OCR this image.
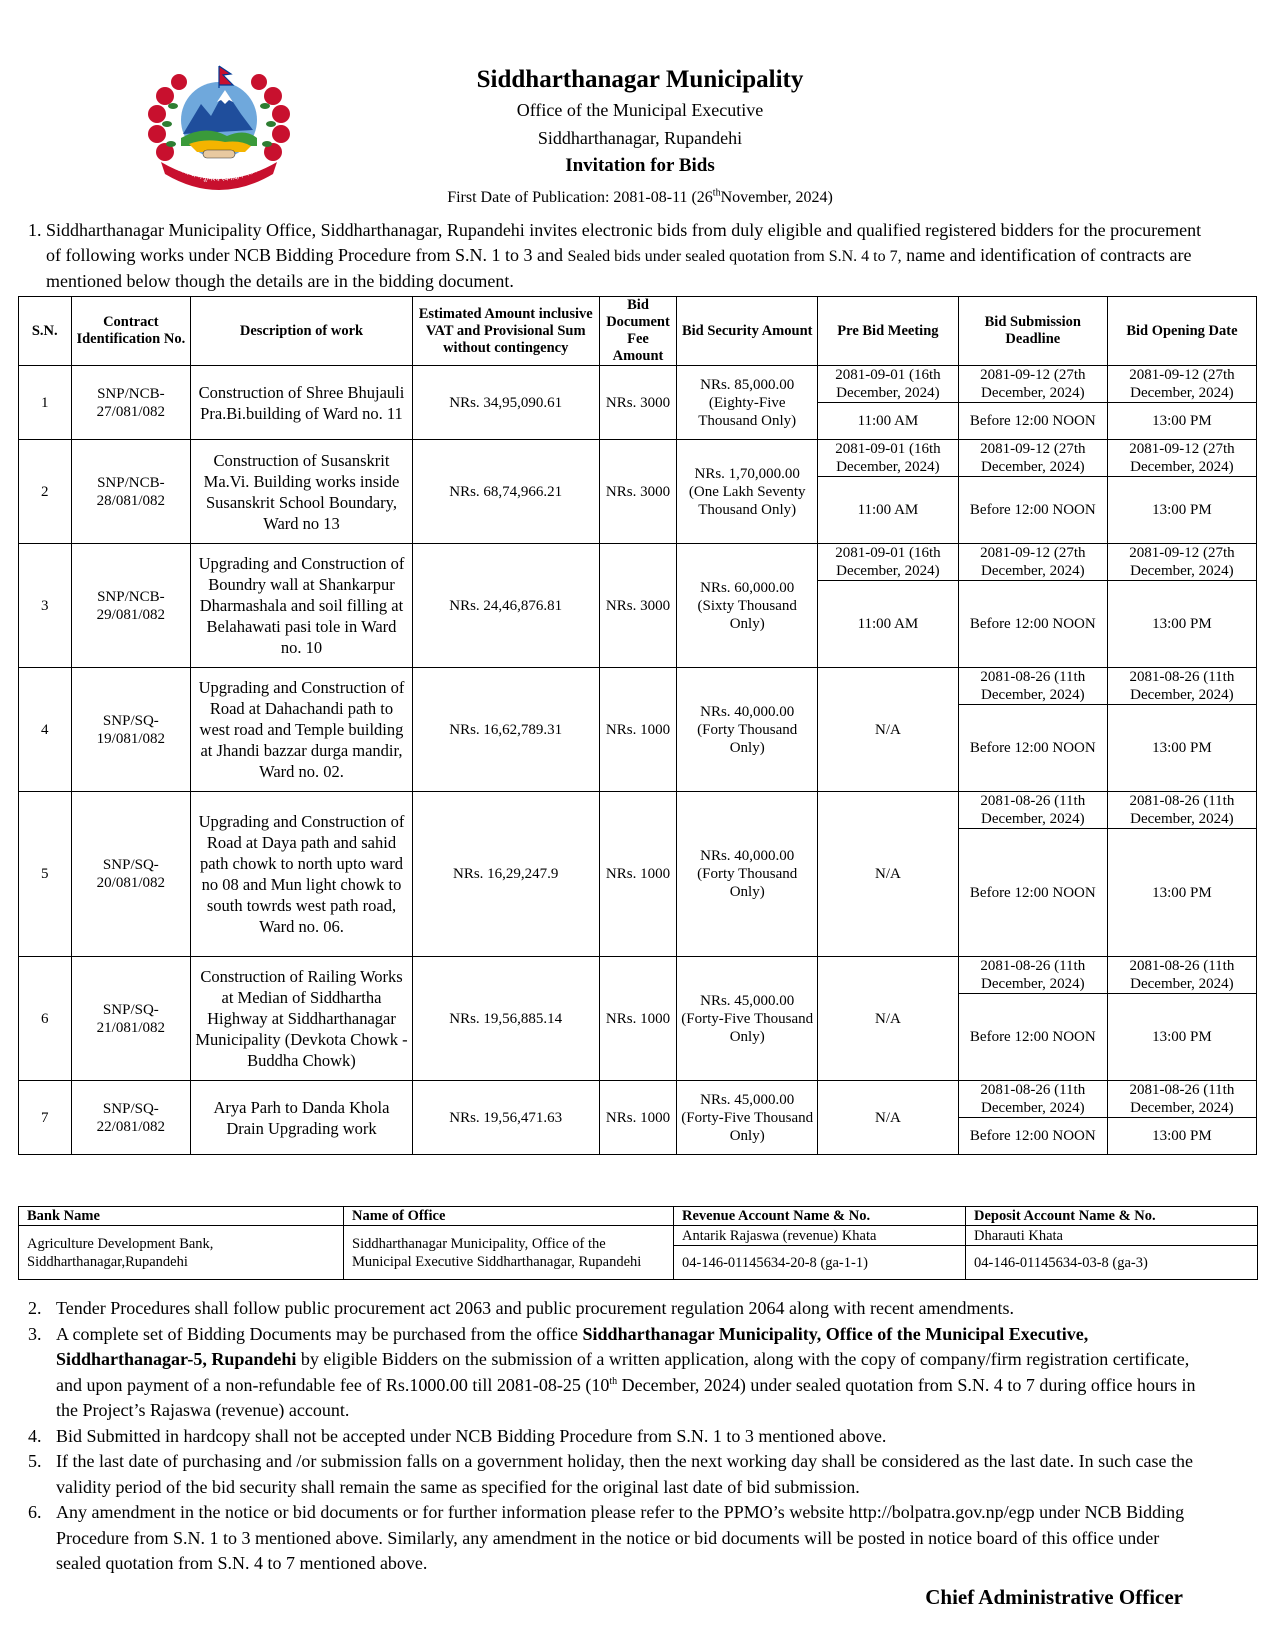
जननी जन्मभूमिश्च स्वर्गादपि गरीयसी
Siddharthanagar Municipality
Office of the Municipal Executive
Siddharthanagar, Rupandehi
Invitation for Bids
First Date of Publication: 2081-08-11 (26thNovember, 2024)
1. Siddharthanagar Municipality Office, Siddharthanagar, Rupandehi invites electronic bids from duly eligible and qualified registered bidders for the procurement of following works under NCB Bidding Procedure from S.N. 1 to 3 and Sealed bids under sealed quotation from S.N. 4 to 7, name and identification of contracts are mentioned below though the details are in the bidding document.
S.N.	Contract Identification No.	Description of work	Estimated Amount inclusive VAT and Provisional Sum without contingency	Bid Document Fee Amount	Bid Security Amount	Pre Bid Meeting	Bid Submission Deadline	Bid Opening Date
1	SNP/NCB-27/081/082	Construction of Shree Bhujauli Pra.Bi.building of Ward no. 11	NRs. 34,95,090.61	NRs. 3000	NRs. 85,000.00 (Eighty-Five Thousand Only)	2081-09-01 (16th December, 2024)	2081-09-12 (27th December, 2024)	2081-09-12 (27th December, 2024)
						11:00 AM	Before 12:00 NOON	13:00 PM
2	SNP/NCB-28/081/082	Construction of Susanskrit Ma.Vi. Building works inside Susanskrit School Boundary, Ward no 13	NRs. 68,74,966.21	NRs. 3000	NRs. 1,70,000.00 (One Lakh Seventy Thousand Only)	2081-09-01 (16th December, 2024)	2081-09-12 (27th December, 2024)	2081-09-12 (27th December, 2024)
						11:00 AM	Before 12:00 NOON	13:00 PM
3	SNP/NCB-29/081/082	Upgrading and Construction of Boundry wall at Shankarpur Dharmashala and soil filling at Belahawati pasi tole in Ward no. 10	NRs. 24,46,876.81	NRs. 3000	NRs. 60,000.00 (Sixty Thousand Only)	2081-09-01 (16th December, 2024)	2081-09-12 (27th December, 2024)	2081-09-12 (27th December, 2024)
						11:00 AM	Before 12:00 NOON	13:00 PM
4	SNP/SQ-19/081/082	Upgrading and Construction of Road at Dahachandi path to west road and Temple building at Jhandi bazzar durga mandir, Ward no. 02.	NRs. 16,62,789.31	NRs. 1000	NRs. 40,000.00 (Forty Thousand Only)	N/A	2081-08-26 (11th December, 2024)	2081-08-26 (11th December, 2024)
							Before 12:00 NOON	13:00 PM
5	SNP/SQ-20/081/082	Upgrading and Construction of Road at Daya path and sahid path chowk to north upto ward no 08 and Mun light chowk to south towrds west path road, Ward no. 06.	NRs. 16,29,247.9	NRs. 1000	NRs. 40,000.00 (Forty Thousand Only)	N/A	2081-08-26 (11th December, 2024)	2081-08-26 (11th December, 2024)
							Before 12:00 NOON	13:00 PM
6	SNP/SQ-21/081/082	Construction of Railing Works at Median of Siddhartha Highway at Siddharthanagar Municipality (Devkota Chowk - Buddha Chowk)	NRs. 19,56,885.14	NRs. 1000	NRs. 45,000.00 (Forty-Five Thousand Only)	N/A	2081-08-26 (11th December, 2024)	2081-08-26 (11th December, 2024)
							Before 12:00 NOON	13:00 PM
7	SNP/SQ-22/081/082	Arya Parh to Danda Khola Drain Upgrading work	NRs. 19,56,471.63	NRs. 1000	NRs. 45,000.00 (Forty-Five Thousand Only)	N/A	2081-08-26 (11th December, 2024)	2081-08-26 (11th December, 2024)
							Before 12:00 NOON	13:00 PM
Bank Name	Name of Office	Revenue Account Name & No.	Deposit Account Name & No.
Agriculture Development Bank, Siddharthanagar,Rupandehi	Siddharthanagar Municipality, Office of the Municipal Executive Siddharthanagar, Rupandehi	Antarik Rajaswa (revenue) Khata	Dharauti Khata
		04-146-01145634-20-8 (ga-1-1)	04-146-01145634-03-8 (ga-3)
2. Tender Procedures shall follow public procurement act 2063 and public procurement regulation 2064 along with recent amendments.
3. A complete set of Bidding Documents may be purchased from the office Siddharthanagar Municipality, Office of the Municipal Executive, Siddharthanagar-5, Rupandehi by eligible Bidders on the submission of a written application, along with the copy of company/firm registration certificate, and upon payment of a non-refundable fee of Rs.1000.00 till 2081-08-25 (10th December, 2024) under sealed quotation from S.N. 4 to 7 during office hours in the Project’s Rajaswa (revenue) account.
4. Bid Submitted in hardcopy shall not be accepted under NCB Bidding Procedure from S.N. 1 to 3 mentioned above.
5. If the last date of purchasing and /or submission falls on a government holiday, then the next working day shall be considered as the last date. In such case the validity period of the bid security shall remain the same as specified for the original last date of bid submission.
6. Any amendment in the notice or bid documents or for further information please refer to the PPMO’s website http://bolpatra.gov.np/egp under NCB Bidding Procedure from S.N. 1 to 3 mentioned above. Similarly, any amendment in the notice or bid documents will be posted in notice board of this office under sealed quotation from S.N. 4 to 7 mentioned above.
Chief Administrative Officer
